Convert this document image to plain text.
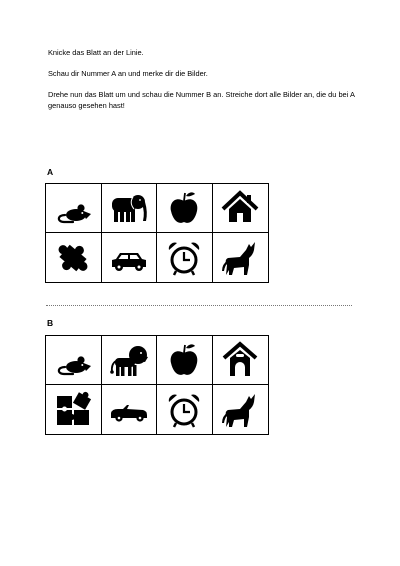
Knicke das Blatt an der Linie.
Schau dir Nummer A an und merke dir die Bilder.
Drehe nun das Blatt um und schau die Nummer B an. Streiche dort alle Bilder an, die du bei A genauso gesehen hast!
A
B
